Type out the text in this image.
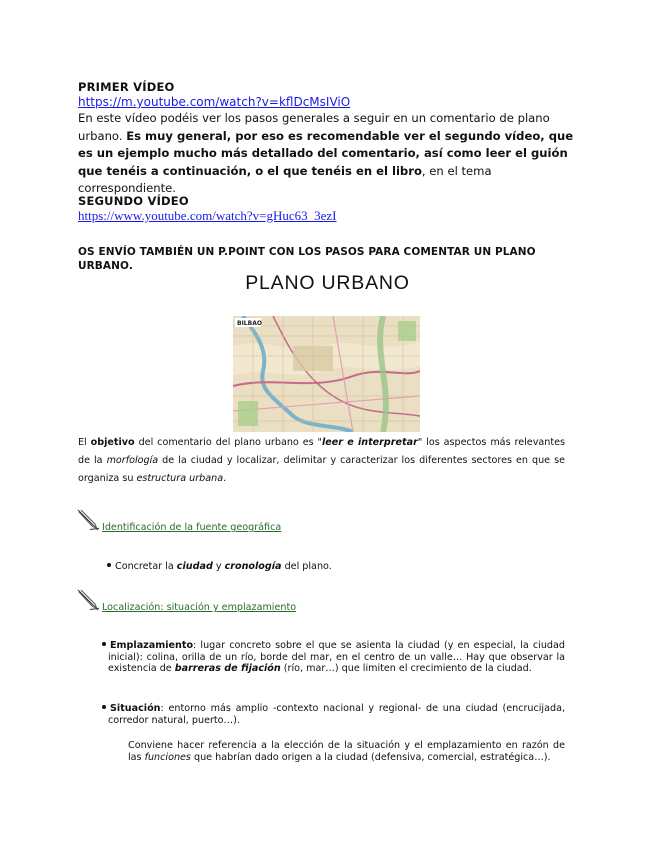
PRIMER VÍDEO
https://m.youtube.com/watch?v=kflDcMsIViO
En este vídeo podéis ver los pasos generales a seguir en un comentario de plano urbano. Es muy general, por eso es recomendable ver el segundo vídeo, que es un ejemplo mucho más detallado del comentario, así como leer el guión que tenéis a continuación, o el que tenéis en el libro, en el tema correspondiente.
SEGUNDO VÍDEO
https://www.youtube.com/watch?v=gHuc63_3ezI
OS ENVÍO TAMBIÉN UN P.POINT CON LOS PASOS PARA COMENTAR UN PLANO URBANO.
PLANO URBANO
BILBAO
El objetivo del comentario del plano urbano es "leer e interpretar" los aspectos más relevantes de la morfología de la ciudad y localizar, delimitar y caracterizar los diferentes sectores en que se organiza su estructura urbana.
Identificación de la fuente geográfica
Concretar la ciudad y cronología del plano.
Localización: situación y emplazamiento
Emplazamiento: lugar concreto sobre el que se asienta la ciudad (y en especial, la ciudad inicial): colina, orilla de un río, borde del mar, en el centro de un valle… Hay que observar la existencia de barreras de fijación (río, mar…) que limiten el crecimiento de la ciudad.
Situación: entorno más amplio -contexto nacional y regional- de una ciudad (encrucijada, corredor natural, puerto…).
Conviene hacer referencia a la elección de la situación y el emplazamiento en razón de las funciones que habrían dado origen a la ciudad (defensiva, comercial, estratégica…).
